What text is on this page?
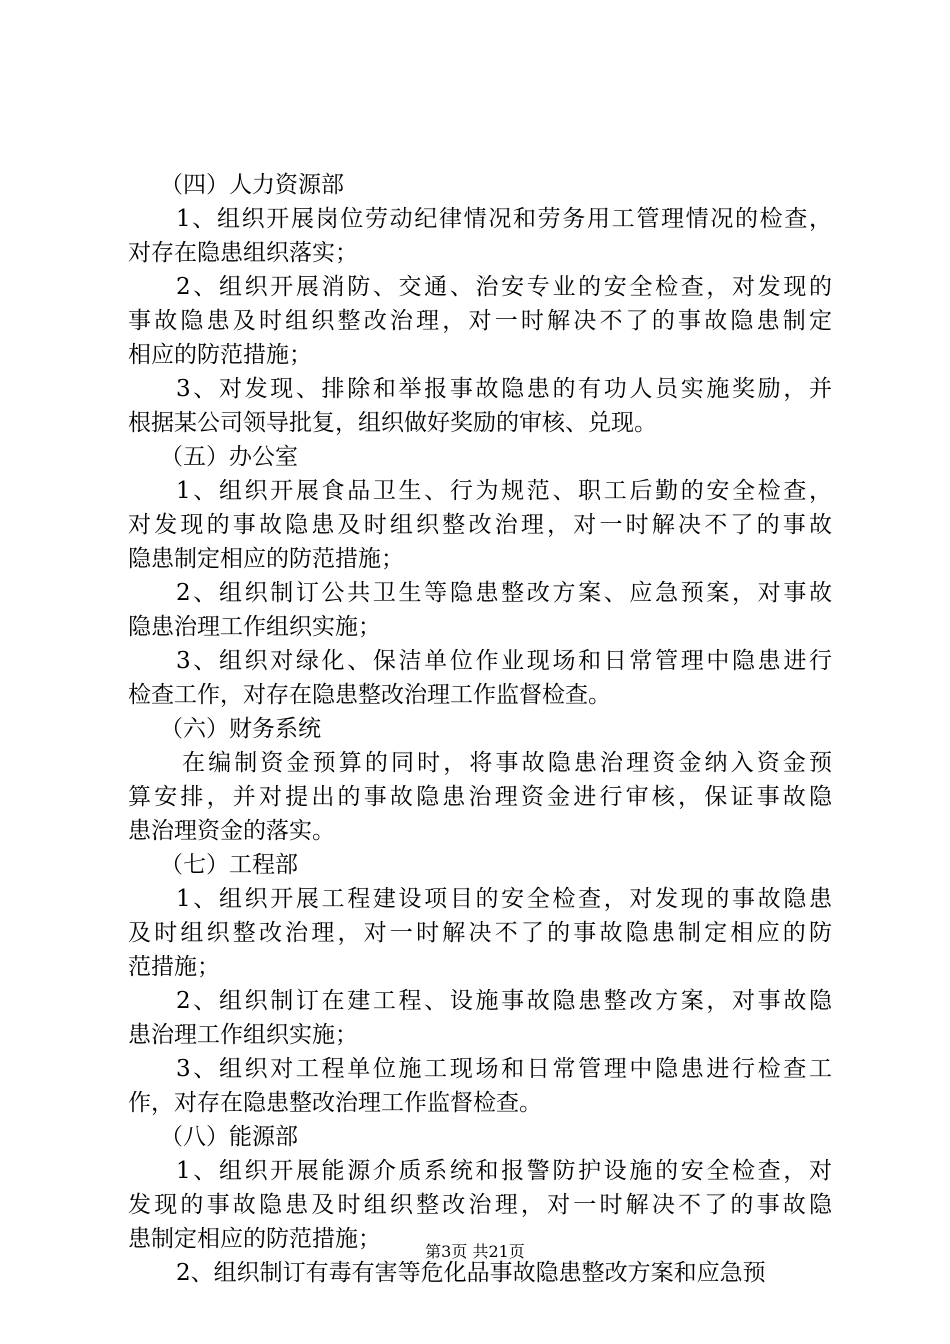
（四）人力资源部
1、组织开展岗位劳动纪律情况和劳务用工管理情况的检查，
对存在隐患组织落实；
2、组织开展消防、交通、治安专业的安全检查，对发现的
事故隐患及时组织整改治理，对一时解决不了的事故隐患制定
相应的防范措施；
3、对发现、排除和举报事故隐患的有功人员实施奖励，并
根据某公司领导批复，组织做好奖励的审核、兑现。
（五）办公室
1、组织开展食品卫生、行为规范、职工后勤的安全检查，
对发现的事故隐患及时组织整改治理，对一时解决不了的事故
隐患制定相应的防范措施；
2、组织制订公共卫生等隐患整改方案、应急预案，对事故
隐患治理工作组织实施；
3、组织对绿化、保洁单位作业现场和日常管理中隐患进行
检查工作，对存在隐患整改治理工作监督检查。
（六）财务系统
在编制资金预算的同时，将事故隐患治理资金纳入资金预
算安排，并对提出的事故隐患治理资金进行审核，保证事故隐
患治理资金的落实。
（七）工程部
1、组织开展工程建设项目的安全检查，对发现的事故隐患
及时组织整改治理，对一时解决不了的事故隐患制定相应的防
范措施；
2、组织制订在建工程、设施事故隐患整改方案，对事故隐
患治理工作组织实施；
3、组织对工程单位施工现场和日常管理中隐患进行检查工
作，对存在隐患整改治理工作监督检查。
（八）能源部
1、组织开展能源介质系统和报警防护设施的安全检查，对
发现的事故隐患及时组织整改治理，对一时解决不了的事故隐
患制定相应的防范措施；
2、组织制订有毒有害等危化品事故隐患整改方案和应急预
第3页 共21页
